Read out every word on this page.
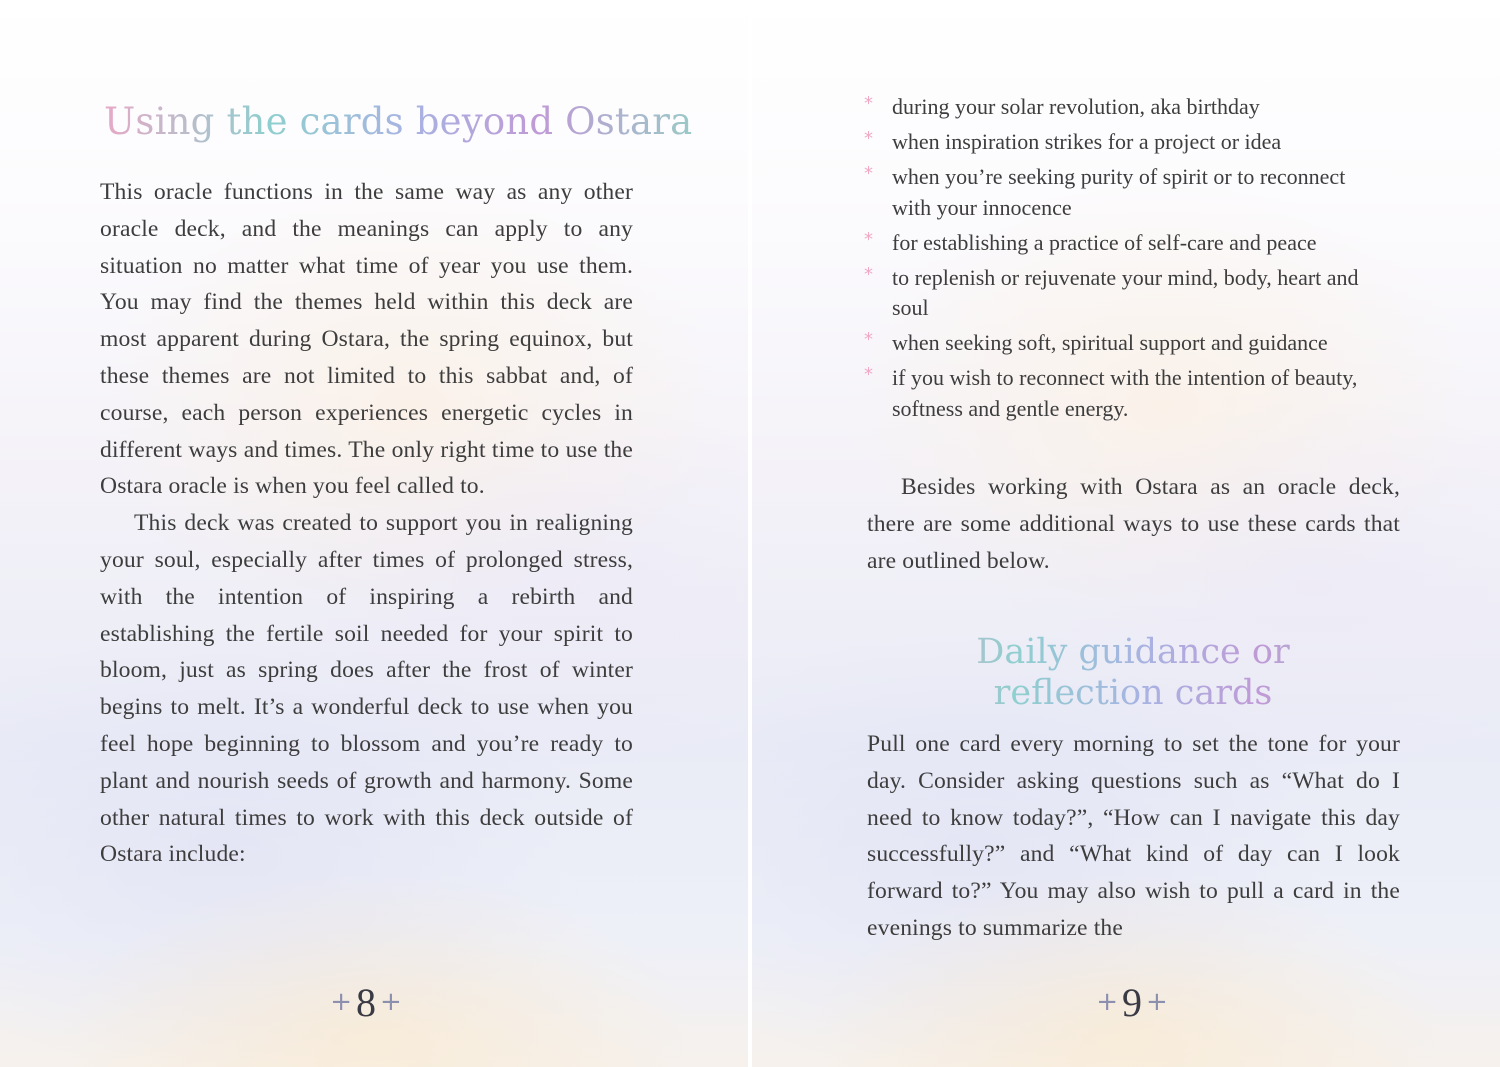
Using the cards beyond Ostara

This oracle functions in the same way as any other oracle deck, and the meanings can apply to any situation no matter what time of year you use them. You may find the themes held within this deck are most apparent during Ostara, the spring equinox, but these themes are not limited to this sabbat and, of course, each person experiences energetic cycles in different ways and times. The only right time to use the Ostara oracle is when you feel called to.

This deck was created to support you in realigning your soul, especially after times of prolonged stress, with the intention of inspiring a rebirth and establishing the fertile soil needed for your spirit to bloom, just as spring does after the frost of winter begins to melt. It’s a wonderful deck to use when you feel hope beginning to blossom and you’re ready to plant and nourish seeds of growth and harmony. Some other natural times to work with this deck outside of Ostara include:

+ 8 +
* during your solar revolution, aka birthday
* when inspiration strikes for a project or idea
* when you’re seeking purity of spirit or to reconnect with your innocence
* for establishing a practice of self-care and peace
* to replenish or rejuvenate your mind, body, heart and soul
* when seeking soft, spiritual support and guidance
* if you wish to reconnect with the intention of beauty, softness and gentle energy.

Besides working with Ostara as an oracle deck, there are some additional ways to use these cards that are outlined below.

Daily guidance or
reflection cards

Pull one card every morning to set the tone for your day. Consider asking questions such as “What do I need to know today?”, “How can I navigate this day successfully?” and “What kind of day can I look forward to?” You may also wish to pull a card in the evenings to summarize the

+ 9 +
